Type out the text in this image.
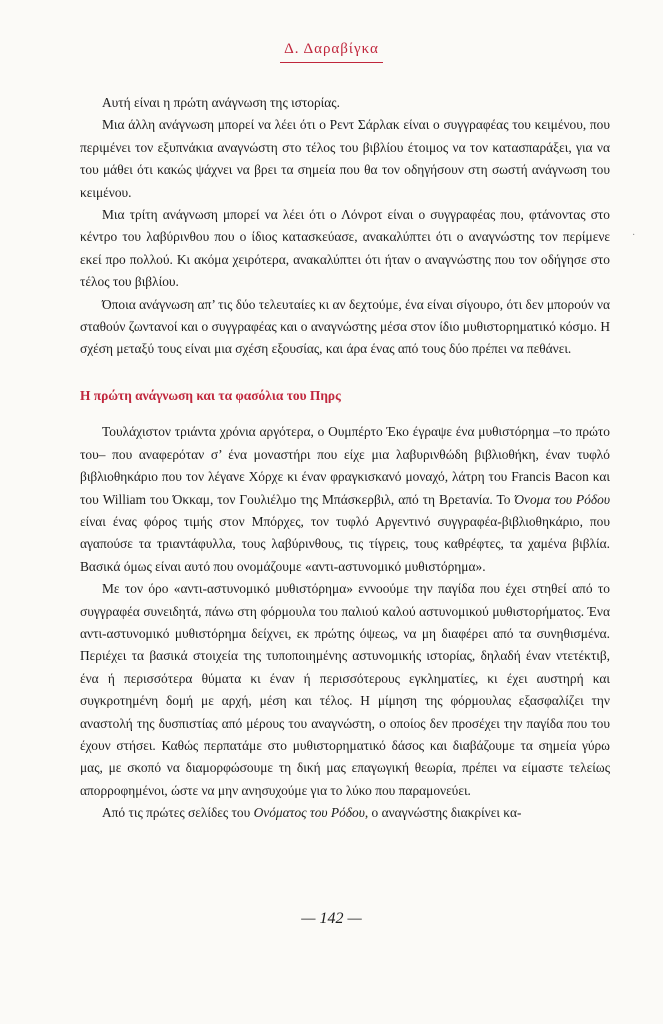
Δ. Δαραβίγκα
·

Αυτή είναι η πρώτη ανάγνωση της ιστορίας.

Μια άλλη ανάγνωση μπορεί να λέει ότι ο Ρεντ Σάρλακ είναι ο συγγραφέας του κειμένου, που περιμένει τον εξυπνάκια αναγνώστη στο τέλος του βιβλίου έτοιμος να τον κατασπαράξει, για να του μάθει ότι κακώς ψάχνει να βρει τα σημεία που θα τον οδηγήσουν στη σωστή ανάγνωση του κειμένου.

Μια τρίτη ανάγνωση μπορεί να λέει ότι ο Λόνροτ είναι ο συγγραφέας που, φτάνοντας στο κέντρο του λαβύρινθου που ο ίδιος κατασκεύασε, ανακαλύπτει ότι ο αναγνώστης τον περίμενε εκεί προ πολλού. Κι ακόμα χειρότερα, ανακαλύπτει ότι ήταν ο αναγνώστης που τον οδήγησε στο τέλος του βιβλίου.

Όποια ανάγνωση απ’ τις δύο τελευταίες κι αν δεχτούμε, ένα είναι σίγουρο, ότι δεν μπορούν να σταθούν ζωντανοί και ο συγγραφέας και ο αναγνώστης μέσα στον ίδιο μυθιστορηματικό κόσμο. Η σχέση μεταξύ τους είναι μια σχέση εξουσίας, και άρα ένας από τους δύο πρέπει να πεθάνει.

Η πρώτη ανάγνωση και τα φασόλια του Πηρς

Τουλάχιστον τριάντα χρόνια αργότερα, ο Ουμπέρτο Έκο έγραψε ένα μυθιστόρημα –το πρώτο του– που αναφερόταν σ’ ένα μοναστήρι που είχε μια λαβυρινθώδη βιβλιοθήκη, έναν τυφλό βιβλιοθηκάριο που τον λέγανε Χόρχε κι έναν φραγκισκανό μοναχό, λάτρη του Francis Bacon και του William του Όκκαμ, τον Γουλιέλμο της Μπάσκερβιλ, από τη Βρετανία. Το Όνομα του Ρόδου είναι ένας φόρος τιμής στον Μπόρχες, τον τυφλό Αργεντινό συγγραφέα-βιβλιοθηκάριο, που αγαπούσε τα τριαντάφυλλα, τους λαβύρινθους, τις τίγρεις, τους καθρέφτες, τα χαμένα βιβλία. Βασικά όμως είναι αυτό που ονομάζουμε «αντι-αστυνομικό μυθιστόρημα».

Με τον όρο «αντι-αστυνομικό μυθιστόρημα» εννοούμε την παγίδα που έχει στηθεί από το συγγραφέα συνειδητά, πάνω στη φόρμουλα του παλιού καλού αστυνομικού μυθιστορήματος. Ένα αντι-αστυνομικό μυθιστόρημα δείχνει, εκ πρώτης όψεως, να μη διαφέρει από τα συνηθισμένα. Περιέχει τα βασικά στοιχεία της τυποποιημένης αστυνομικής ιστορίας, δηλαδή έναν ντετέκτιβ, ένα ή περισσότερα θύματα κι έναν ή περισσότερους εγκληματίες, κι έχει αυστηρή και συγκροτημένη δομή με αρχή, μέση και τέλος. Η μίμηση της φόρμουλας εξασφαλίζει την αναστολή της δυσπιστίας από μέρους του αναγνώστη, ο οποίος δεν προσέχει την παγίδα που του έχουν στήσει. Καθώς περπατάμε στο μυθιστορηματικό δάσος και διαβάζουμε τα σημεία γύρω μας, με σκοπό να διαμορφώσουμε τη δική μας επαγωγική θεωρία, πρέπει να είμαστε τελείως απορροφημένοι, ώστε να μην ανησυχούμε για το λύκο που παραμονεύει.

Από τις πρώτες σελίδες του Ονόματος του Ρόδου, ο αναγνώστης διακρίνει κα-

— 142 —
